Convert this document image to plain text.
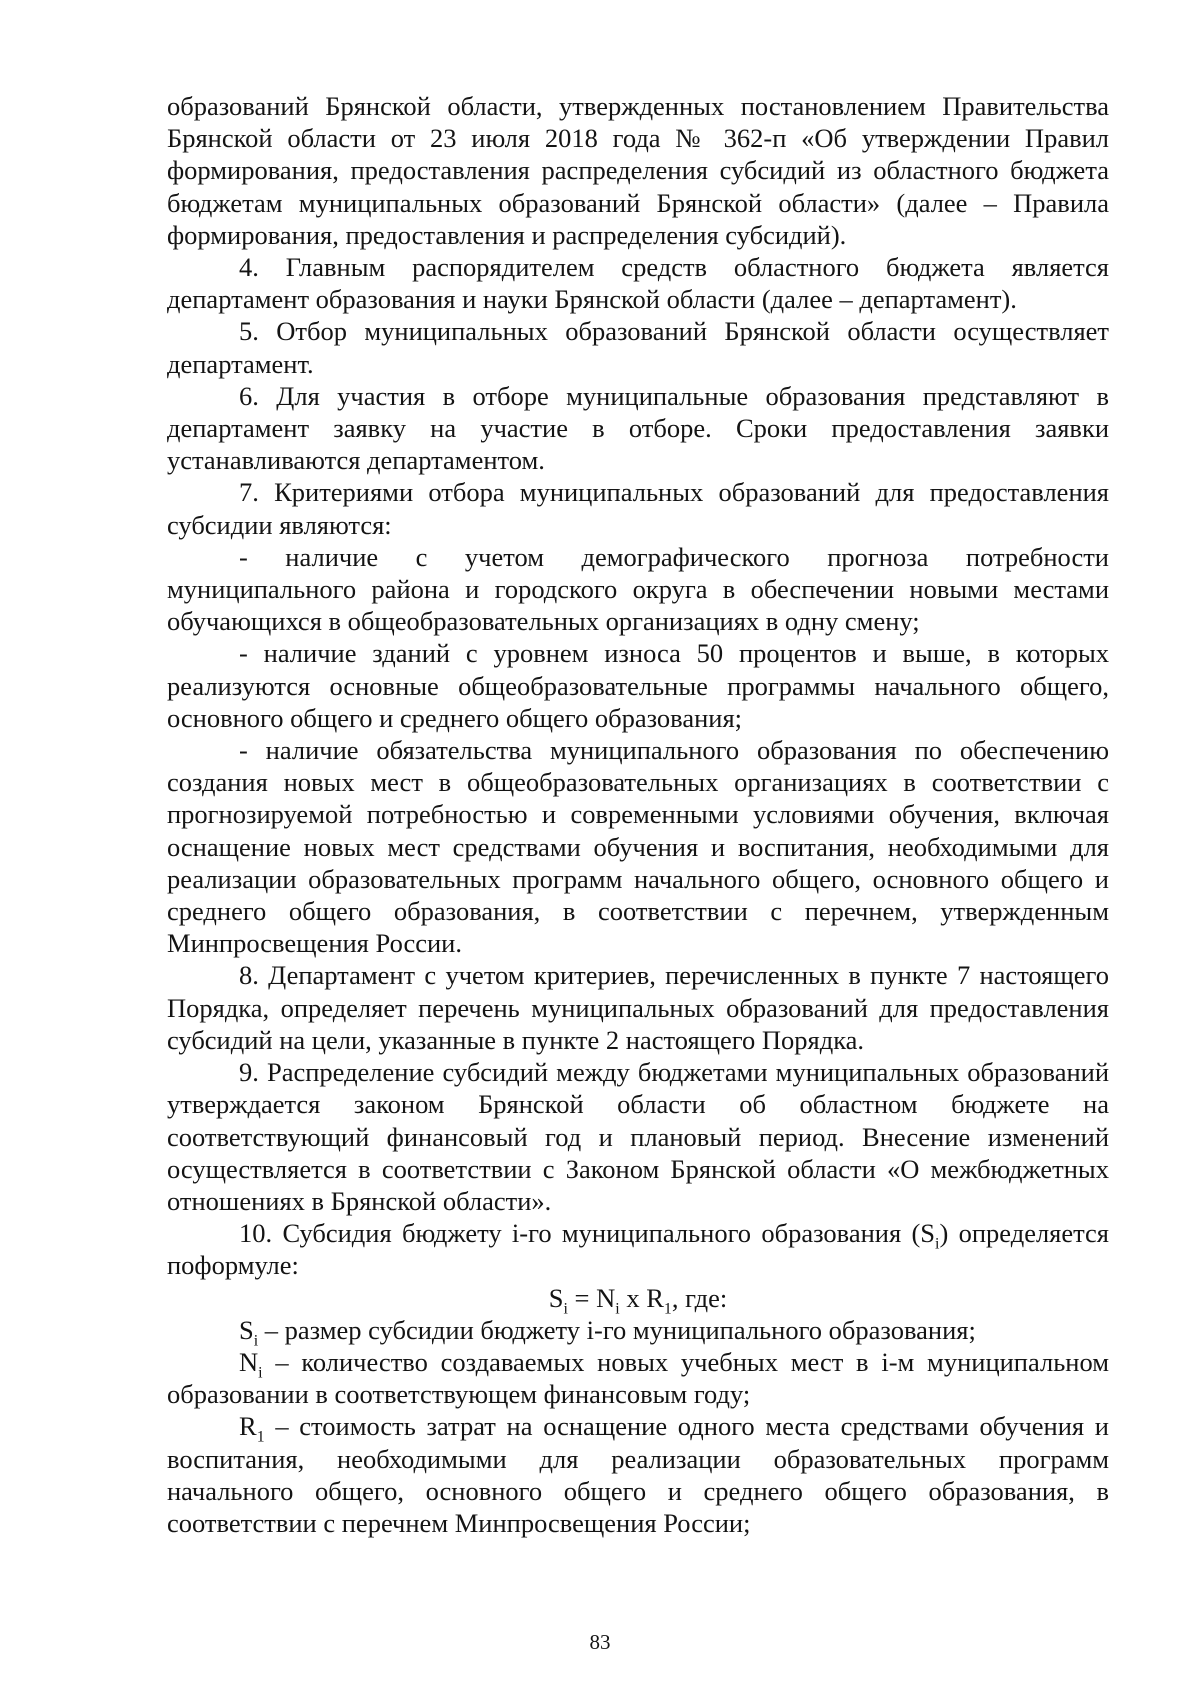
образований Брянской области, утвержденных постановлением Правительства Брянской области от 23 июля 2018 года № 362-п «Об утверждении Правил формирования, предоставления распределения субсидий из областного бюджета бюджетам муниципальных образований Брянской области» (далее – Правила формирования, предоставления и распределения субсидий).

4. Главным распорядителем средств областного бюджета является департамент образования и науки Брянской области (далее – департамент).

5. Отбор муниципальных образований Брянской области осуществляет департамент.

6. Для участия в отборе муниципальные образования представляют в департамент заявку на участие в отборе. Сроки предоставления заявки устанавливаются департаментом.

7. Критериями отбора муниципальных образований для предоставления субсидии являются:

- наличие с учетом демографического прогноза потребности муниципального района и городского округа в обеспечении новыми местами обучающихся в общеобразовательных организациях в одну смену;

- наличие зданий с уровнем износа 50 процентов и выше, в которых реализуются основные общеобразовательные программы начального общего, основного общего и среднего общего образования;

- наличие обязательства муниципального образования по обеспечению создания новых мест в общеобразовательных организациях в соответствии с прогнозируемой потребностью и современными условиями обучения, включая оснащение новых мест средствами обучения и воспитания, необходимыми для реализации образовательных программ начального общего, основного общего и среднего общего образования, в соответствии с перечнем, утвержденным Минпросвещения России.

8. Департамент с учетом критериев, перечисленных в пункте 7 настоящего Порядка, определяет перечень муниципальных образований для предоставления субсидий на цели, указанные в пункте 2 настоящего Порядка.

9. Распределение субсидий между бюджетами муниципальных образований утверждается законом Брянской области об областном бюджете на соответствующий финансовый год и плановый период. Внесение изменений осуществляется в соответствии с Законом Брянской области «О межбюджетных отношениях в Брянской области».

10. Субсидия бюджету i-го муниципального образования $(S_i)$ определяется поформуле:

$S_i = N_i$ x $R_1$, где:

$S_i$ – размер субсидии бюджету i-го муниципального образования;

$N_i$ – количество создаваемых новых учебных мест в i-м муниципальном образовании в соответствующем финансовым году;

$R_1$ – стоимость затрат на оснащение одного места средствами обучения и воспитания, необходимыми для реализации образовательных программ начального общего, основного общего и среднего общего образования, в соответствии с перечнем Минпросвещения России;

83
